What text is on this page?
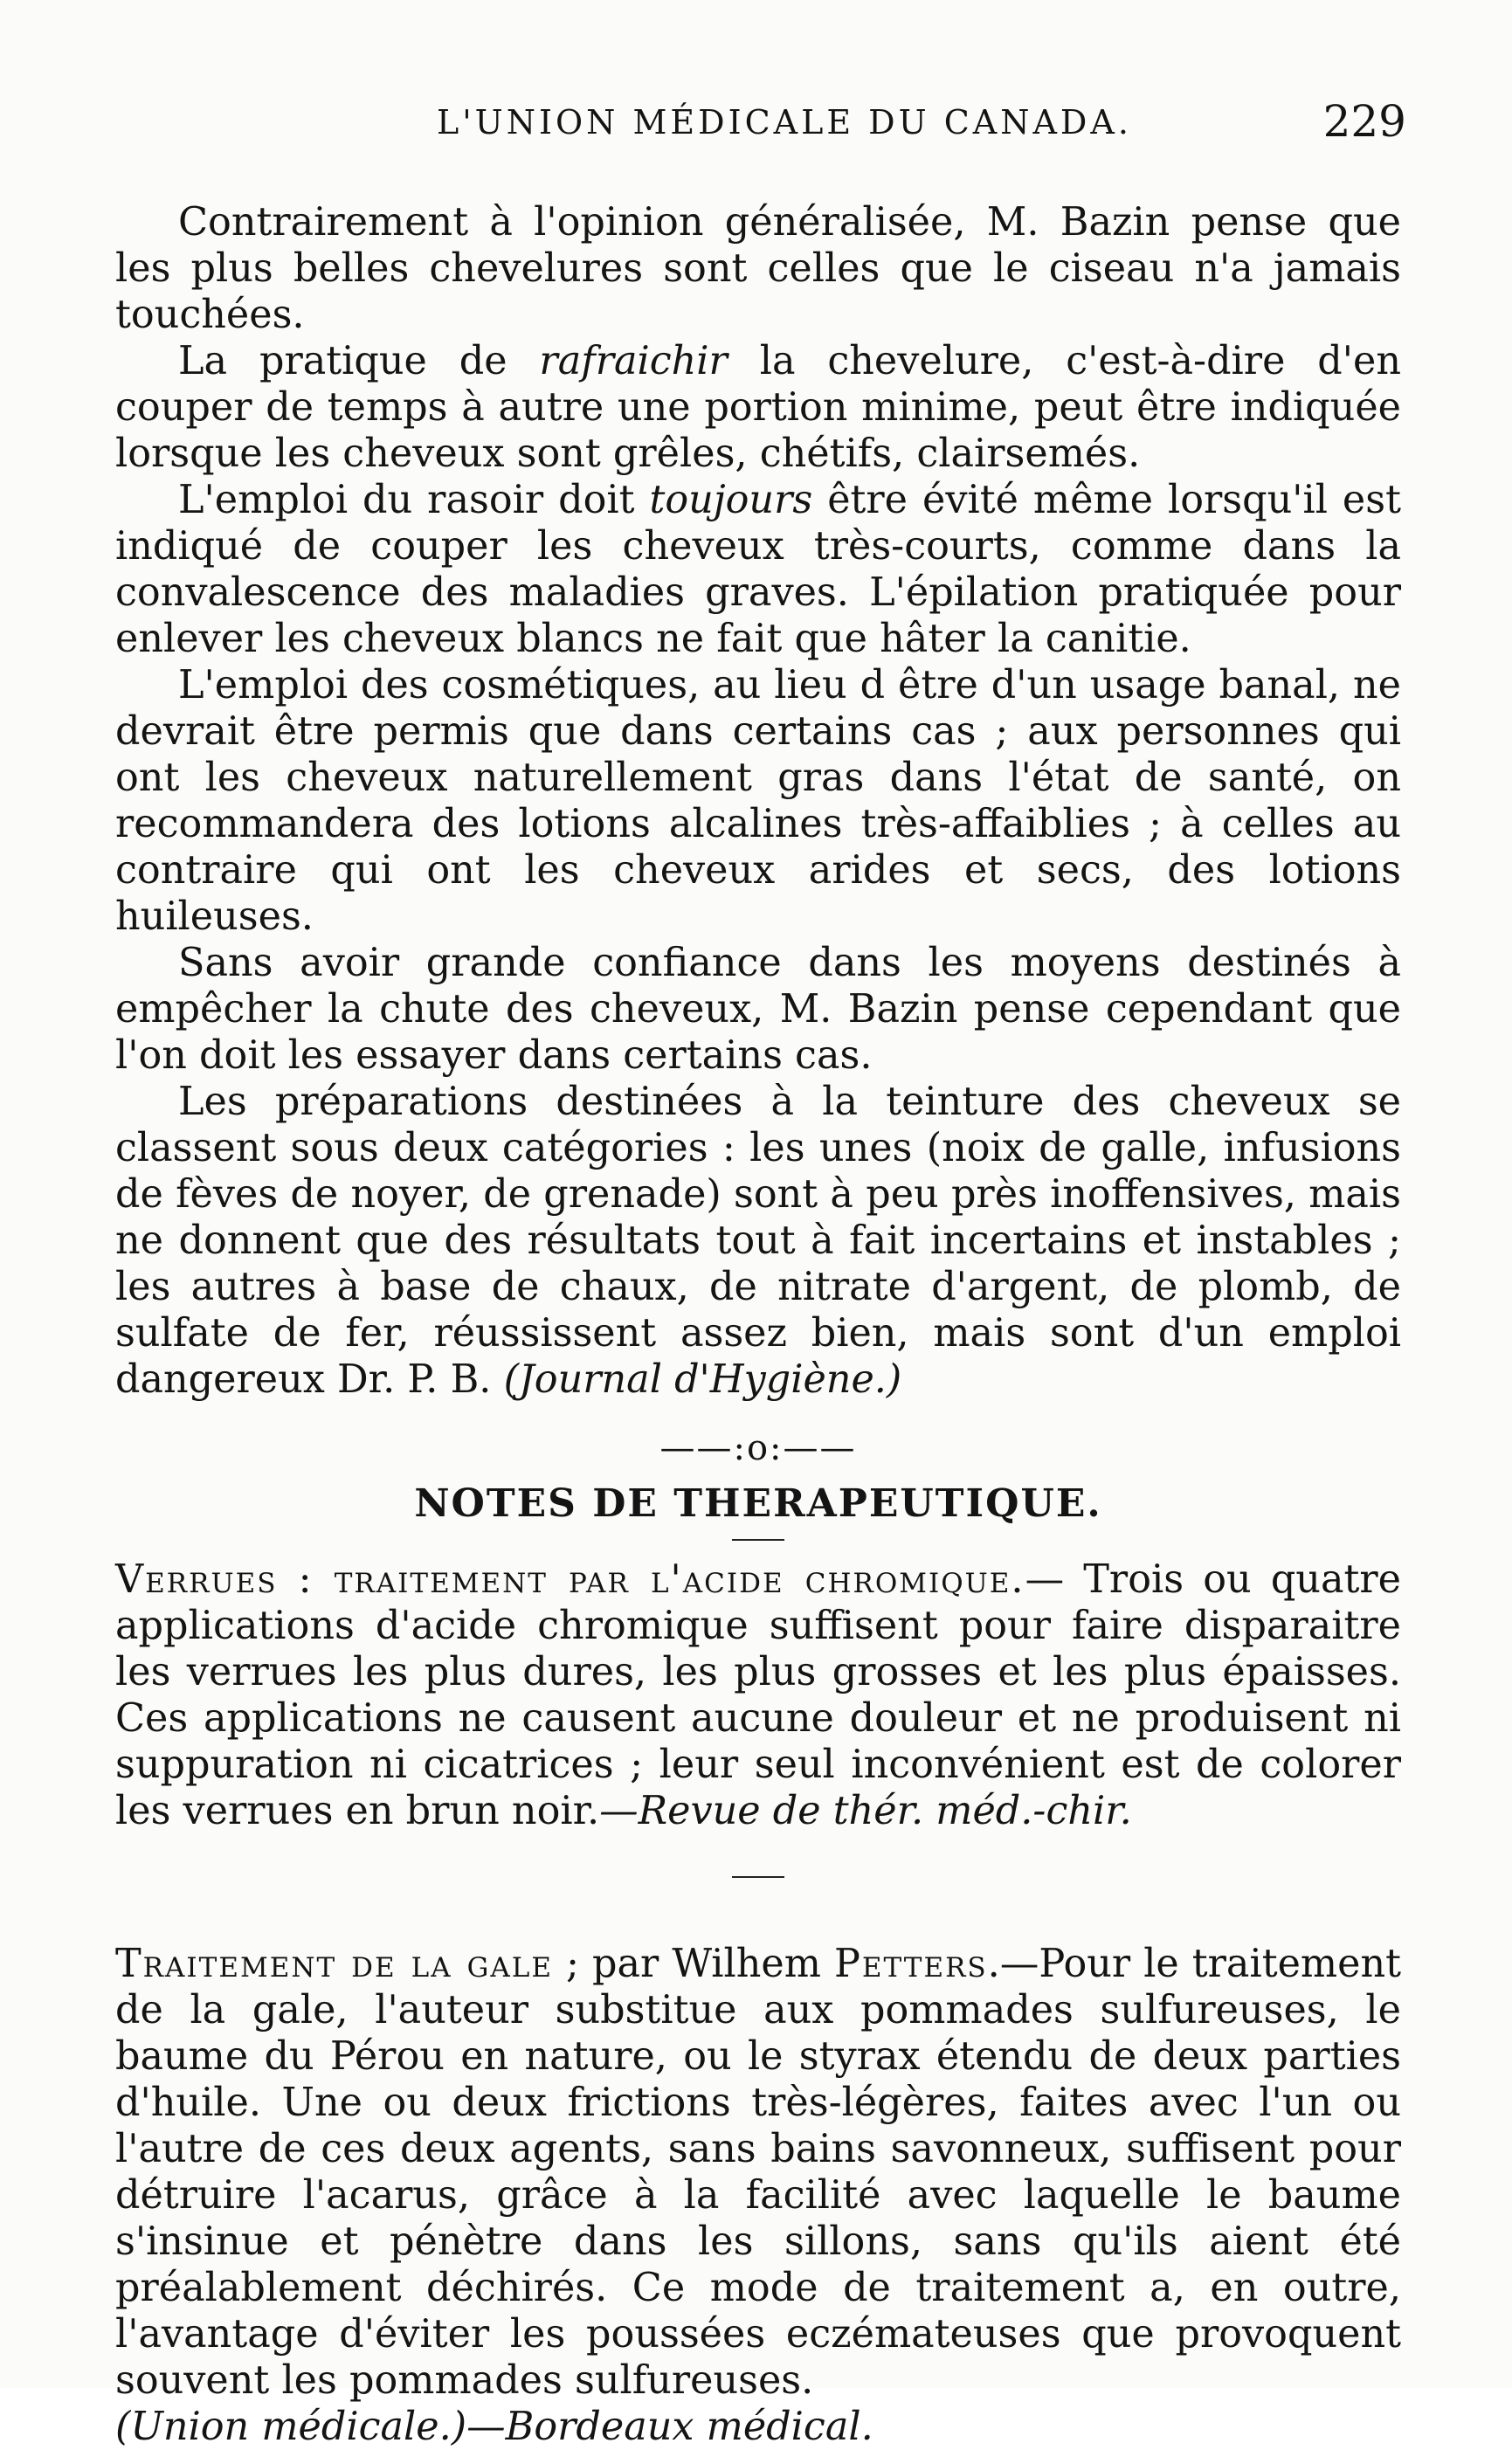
L'UNION MÉDICALE DU CANADA.	229

Contrairement à l'opinion généralisée, M. Bazin pense que les plus belles chevelures sont celles que le ciseau n'a jamais touchées.

La pratique de rafraichir la chevelure, c'est-à-dire d'en couper de temps à autre une portion minime, peut être indiquée lorsque les cheveux sont grêles, chétifs, clairsemés.

L'emploi du rasoir doit toujours être évité même lorsqu'il est indiqué de couper les cheveux très-courts, comme dans la convalescence des maladies graves. L'épilation pratiquée pour enlever les cheveux blancs ne fait que hâter la canitie.

L'emploi des cosmétiques, au lieu d être d'un usage banal, ne devrait être permis que dans certains cas ; aux personnes qui ont les cheveux naturellement gras dans l'état de santé, on recommandera des lotions alcalines très-affaiblies ; à celles au contraire qui ont les cheveux arides et secs, des lotions huileuses.

Sans avoir grande confiance dans les moyens destinés à empêcher la chute des cheveux, M. Bazin pense cependant que l'on doit les essayer dans certains cas.

Les préparations destinées à la teinture des cheveux se classent sous deux catégories : les unes (noix de galle, infusions de fèves de noyer, de grenade) sont à peu près inoffensives, mais ne donnent que des résultats tout à fait incertains et instables ; les autres à base de chaux, de nitrate d'argent, de plomb, de sulfate de fer, réussissent assez bien, mais sont d'un emploi dangereux Dr. P. B. (Journal d'Hygiène.)

——:o:——
NOTES DE THERAPEUTIQUE.

Verrues : traitement par l'acide chromique.— Trois ou quatre applications d'acide chromique suffisent pour faire disparaitre les verrues les plus dures, les plus grosses et les plus épaisses. Ces applications ne causent aucune douleur et ne produisent ni suppuration ni cicatrices ; leur seul inconvénient est de colorer les verrues en brun noir.—Revue de thér. méd.-chir.

Traitement de la gale ; par Wilhem Petters.—Pour le traitement de la gale, l'auteur substitue aux pommades sulfureuses, le baume du Pérou en nature, ou le styrax étendu de deux parties d'huile. Une ou deux frictions très-légères, faites avec l'un ou l'autre de ces deux agents, sans bains savonneux, suffisent pour détruire l'acarus, grâce à la facilité avec laquelle le baume s'insinue et pénètre dans les sillons, sans qu'ils aient été préalablement déchirés. Ce mode de traitement a, en outre, l'avantage d'éviter les poussées eczémateuses que provoquent souvent les pommades sulfureuses.
(Union médicale.)—Bordeaux médical.
